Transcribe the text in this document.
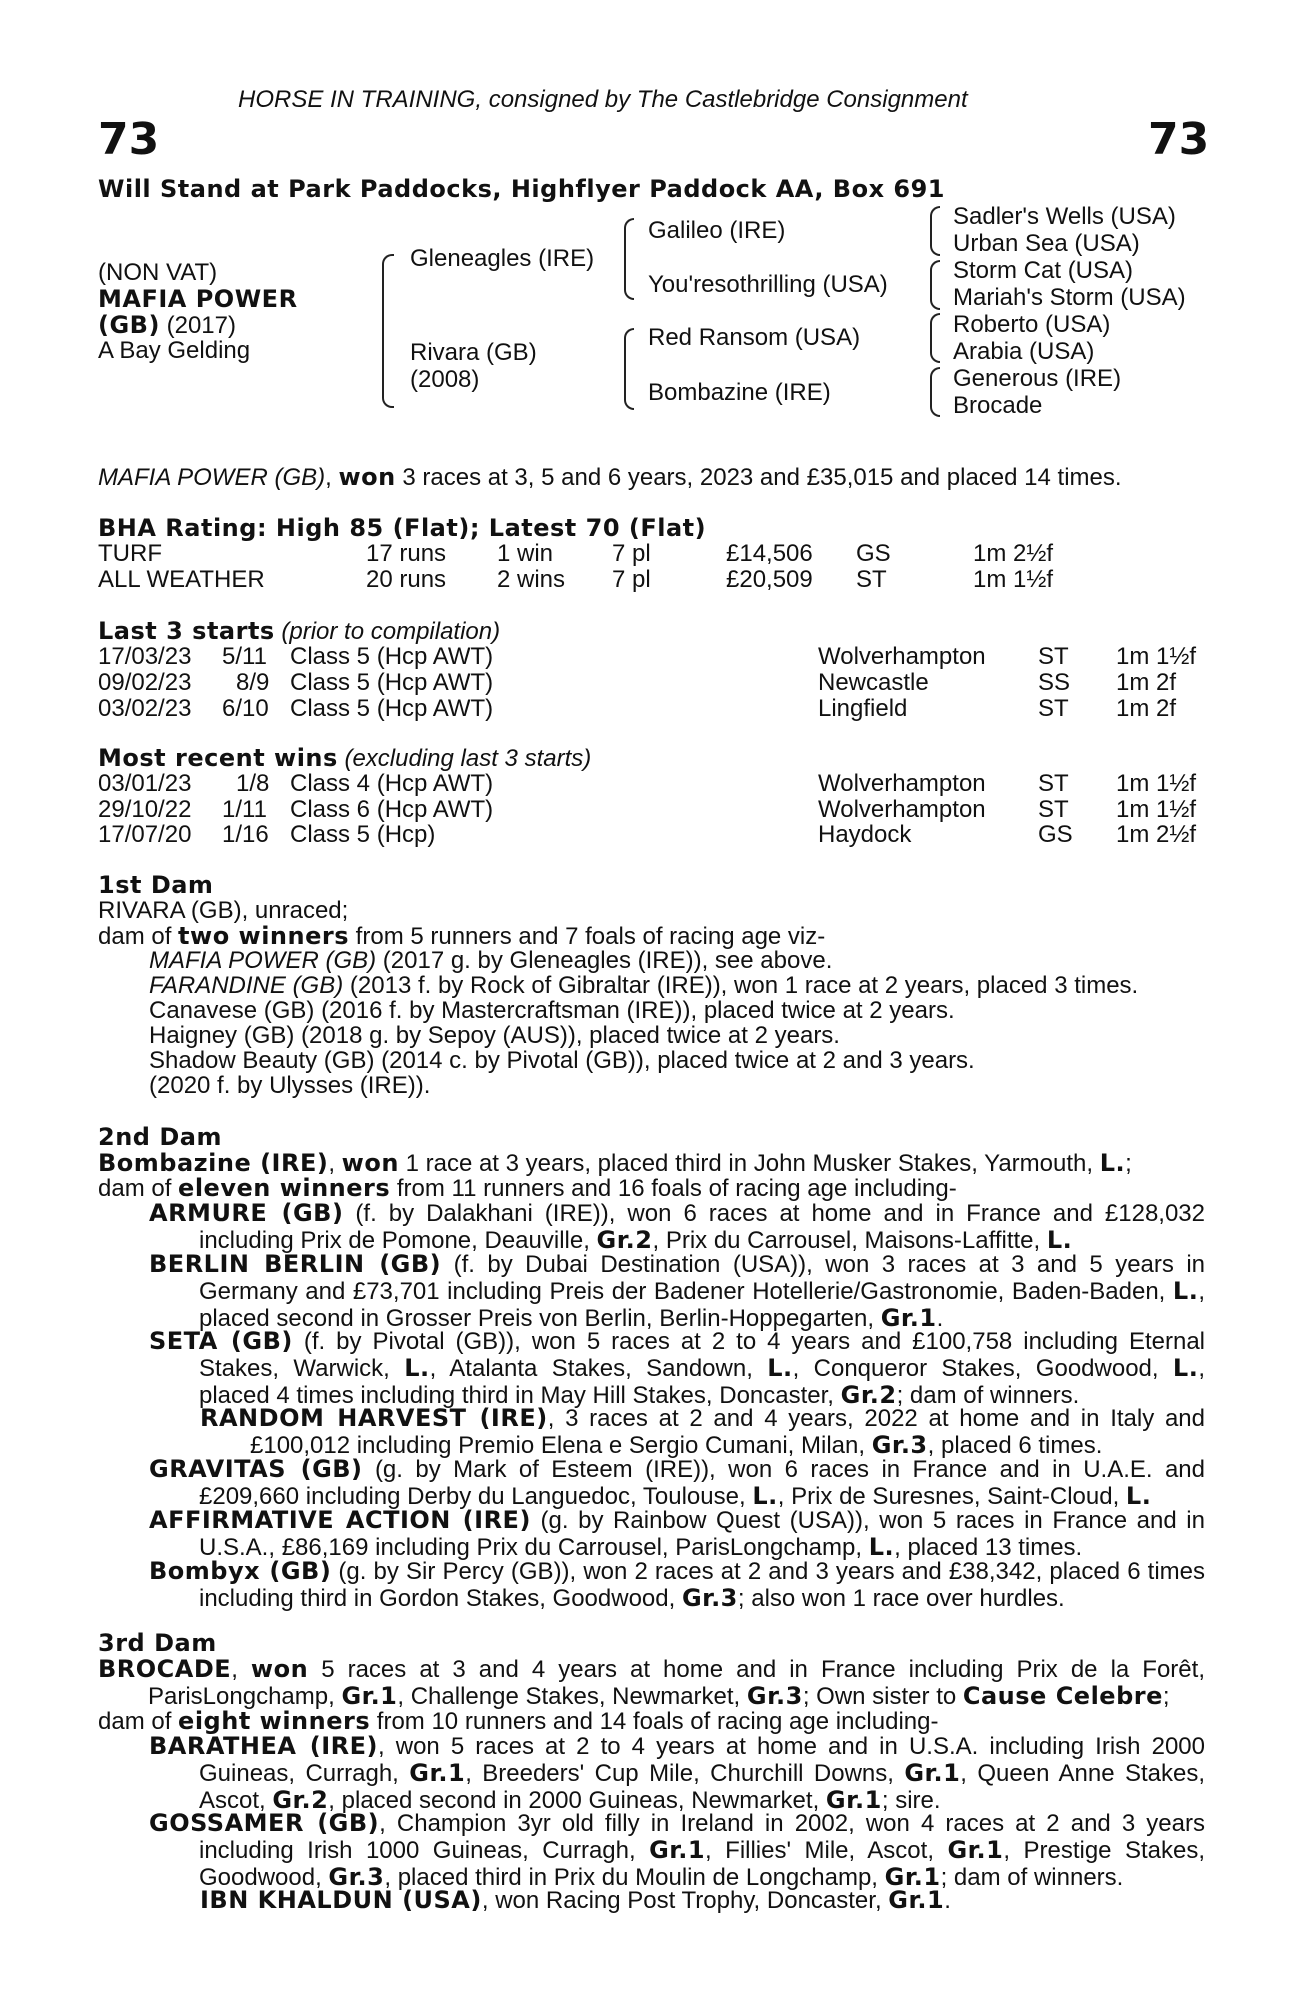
HORSE IN TRAINING, consigned by The Castlebridge Consignment
73	73
Will Stand at Park Paddocks, Highflyer Paddock AA, Box 691
(NON VAT)
MAFIA POWER
(GB) (2017)
A Bay Gelding
Gleneagles (IRE)
Rivara (GB)
(2008)
Galileo (IRE)
You'resothrilling (USA)
Red Ransom (USA)
Bombazine (IRE)
Sadler's Wells (USA)
Urban Sea (USA)
Storm Cat (USA)
Mariah's Storm (USA)
Roberto (USA)
Arabia (USA)
Generous (IRE)
Brocade
MAFIA POWER (GB), won 3 races at 3, 5 and 6 years, 2023 and £35,015 and placed 14 times.
BHA Rating: High 85 (Flat); Latest 70 (Flat)
TURF	17 runs 1 win 7 pl	£14,506 GS	1m 2½f
ALL WEATHER	20 runs 2 wins 7 pl	£20,509 ST	1m 1½f
Last 3 starts (prior to compilation)
17/03/23 5/11 Class 5 (Hcp AWT)	Wolverhampton ST 1m 1½f
09/02/23 8/9 Class 5 (Hcp AWT)	Newcastle	SS 1m 2f
03/02/23 6/10 Class 5 (Hcp AWT)	Lingfield	ST 1m 2f
Most recent wins (excluding last 3 starts)
03/01/23 1/8 Class 4 (Hcp AWT)	Wolverhampton ST 1m 1½f
29/10/22 1/11 Class 6 (Hcp AWT)	Wolverhampton ST 1m 1½f
17/07/20 1/16 Class 5 (Hcp)	Haydock	GS 1m 2½f
1st Dam
RIVARA (GB), unraced;
dam of two winners from 5 runners and 7 foals of racing age viz-
MAFIA POWER (GB) (2017 g. by Gleneagles (IRE)), see above.
FARANDINE (GB) (2013 f. by Rock of Gibraltar (IRE)), won 1 race at 2 years, placed 3 times.
Canavese (GB) (2016 f. by Mastercraftsman (IRE)), placed twice at 2 years.
Haigney (GB) (2018 g. by Sepoy (AUS)), placed twice at 2 years.
Shadow Beauty (GB) (2014 c. by Pivotal (GB)), placed twice at 2 and 3 years.
(2020 f. by Ulysses (IRE)).
2nd Dam
Bombazine (IRE), won 1 race at 3 years, placed third in John Musker Stakes, Yarmouth, L.;
dam of eleven winners from 11 runners and 16 foals of racing age including-
ARMURE (GB) (f. by Dalakhani (IRE)), won 6 races at home and in France and £128,032 including Prix de Pomone, Deauville, Gr.2, Prix du Carrousel, Maisons-Laffitte, L.
BERLIN BERLIN (GB) (f. by Dubai Destination (USA)), won 3 races at 3 and 5 years in Germany and £73,701 including Preis der Badener Hotellerie/Gastronomie, Baden-Baden, L., placed second in Grosser Preis von Berlin, Berlin-Hoppegarten, Gr.1.
SETA (GB) (f. by Pivotal (GB)), won 5 races at 2 to 4 years and £100,758 including Eternal Stakes, Warwick, L., Atalanta Stakes, Sandown, L., Conqueror Stakes, Goodwood, L., placed 4 times including third in May Hill Stakes, Doncaster, Gr.2; dam of winners.
RANDOM HARVEST (IRE), 3 races at 2 and 4 years, 2022 at home and in Italy and £100,012 including Premio Elena e Sergio Cumani, Milan, Gr.3, placed 6 times.
GRAVITAS (GB) (g. by Mark of Esteem (IRE)), won 6 races in France and in U.A.E. and £209,660 including Derby du Languedoc, Toulouse, L., Prix de Suresnes, Saint-Cloud, L.
AFFIRMATIVE ACTION (IRE) (g. by Rainbow Quest (USA)), won 5 races in France and in U.S.A., £86,169 including Prix du Carrousel, ParisLongchamp, L., placed 13 times.
Bombyx (GB) (g. by Sir Percy (GB)), won 2 races at 2 and 3 years and £38,342, placed 6 times including third in Gordon Stakes, Goodwood, Gr.3; also won 1 race over hurdles.
3rd Dam
BROCADE, won 5 races at 3 and 4 years at home and in France including Prix de la Forêt, ParisLongchamp, Gr.1, Challenge Stakes, Newmarket, Gr.3; Own sister to Cause Celebre;
dam of eight winners from 10 runners and 14 foals of racing age including-
BARATHEA (IRE), won 5 races at 2 to 4 years at home and in U.S.A. including Irish 2000 Guineas, Curragh, Gr.1, Breeders' Cup Mile, Churchill Downs, Gr.1, Queen Anne Stakes, Ascot, Gr.2, placed second in 2000 Guineas, Newmarket, Gr.1; sire.
GOSSAMER (GB), Champion 3yr old filly in Ireland in 2002, won 4 races at 2 and 3 years including Irish 1000 Guineas, Curragh, Gr.1, Fillies' Mile, Ascot, Gr.1, Prestige Stakes, Goodwood, Gr.3, placed third in Prix du Moulin de Longchamp, Gr.1; dam of winners.
IBN KHALDUN (USA), won Racing Post Trophy, Doncaster, Gr.1.
